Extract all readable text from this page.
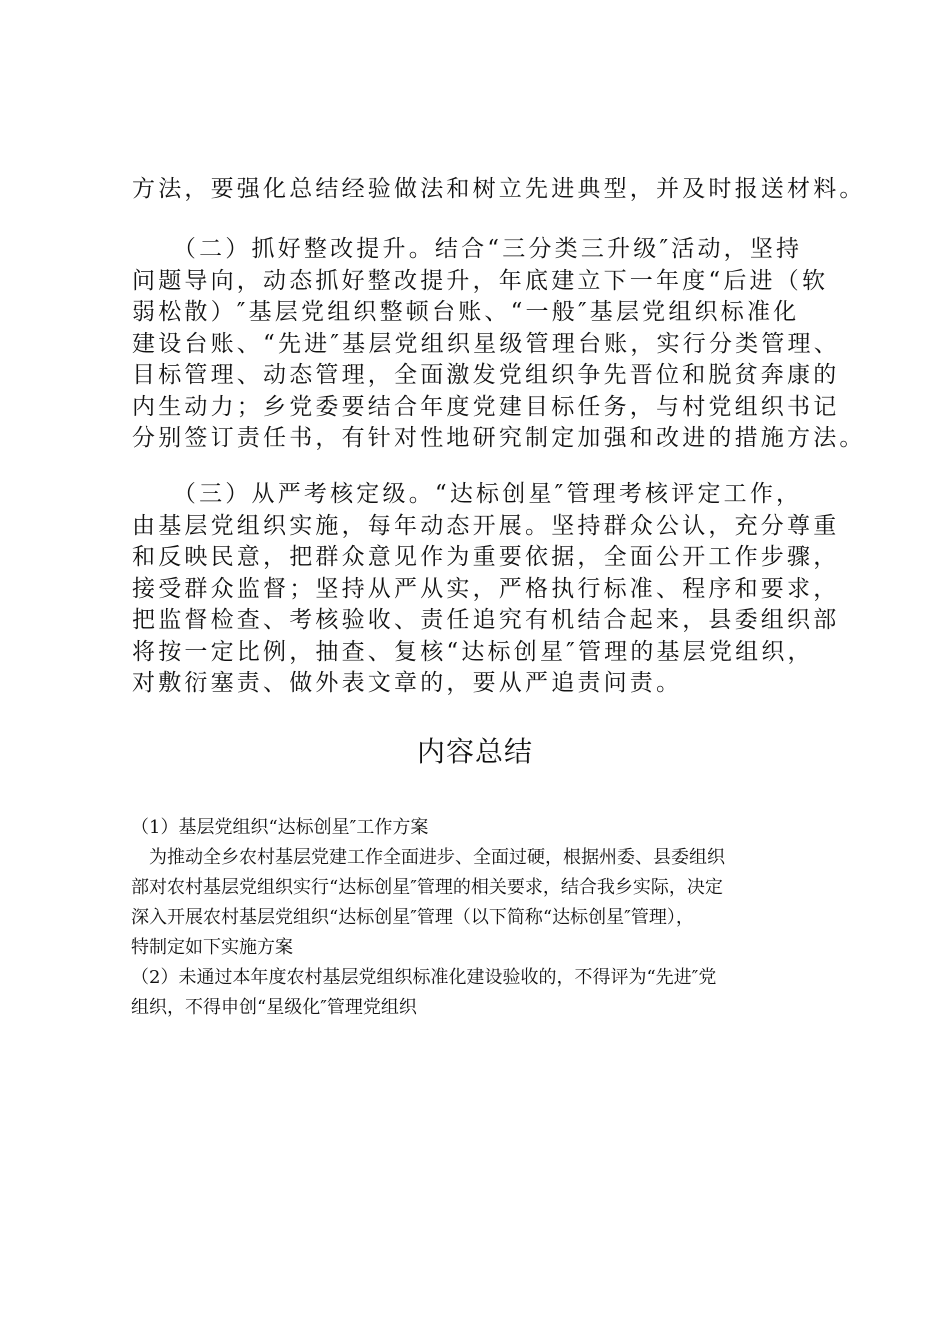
方法，要强化总结经验做法和树立先进典型，并及时报送材料。
　　（二）抓好整改提升。结合“三分类三升级″活动，坚持
问题导向，动态抓好整改提升，年底建立下一年度“后进（软
弱松散）″基层党组织整顿台账、“一般″基层党组织标准化
建设台账、“先进″基层党组织星级管理台账，实行分类管理、
目标管理、动态管理，全面激发党组织争先晋位和脱贫奔康的
内生动力；乡党委要结合年度党建目标任务，与村党组织书记
分别签订责任书，有针对性地研究制定加强和改进的措施方法。
　　（三）从严考核定级。“达标创星″管理考核评定工作，
由基层党组织实施，每年动态开展。坚持群众公认，充分尊重
和反映民意，把群众意见作为重要依据，全面公开工作步骤，
接受群众监督；坚持从严从实，严格执行标准、程序和要求，
把监督检查、考核验收、责任追究有机结合起来，县委组织部
将按一定比例，抽查、复核“达标创星″管理的基层党组织，
对敷衍塞责、做外表文章的，要从严追责问责。
内容总结
（1）基层党组织“达标创星″工作方案
　为推动全乡农村基层党建工作全面进步、全面过硬，根据州委、县委组织
部对农村基层党组织实行“达标创星″管理的相关要求，结合我乡实际，决定
深入开展农村基层党组织“达标创星″管理（以下简称“达标创星″管理），
特制定如下实施方案
（2）未通过本年度农村基层党组织标准化建设验收的，不得评为“先进″党
组织，不得申创“星级化″管理党组织
